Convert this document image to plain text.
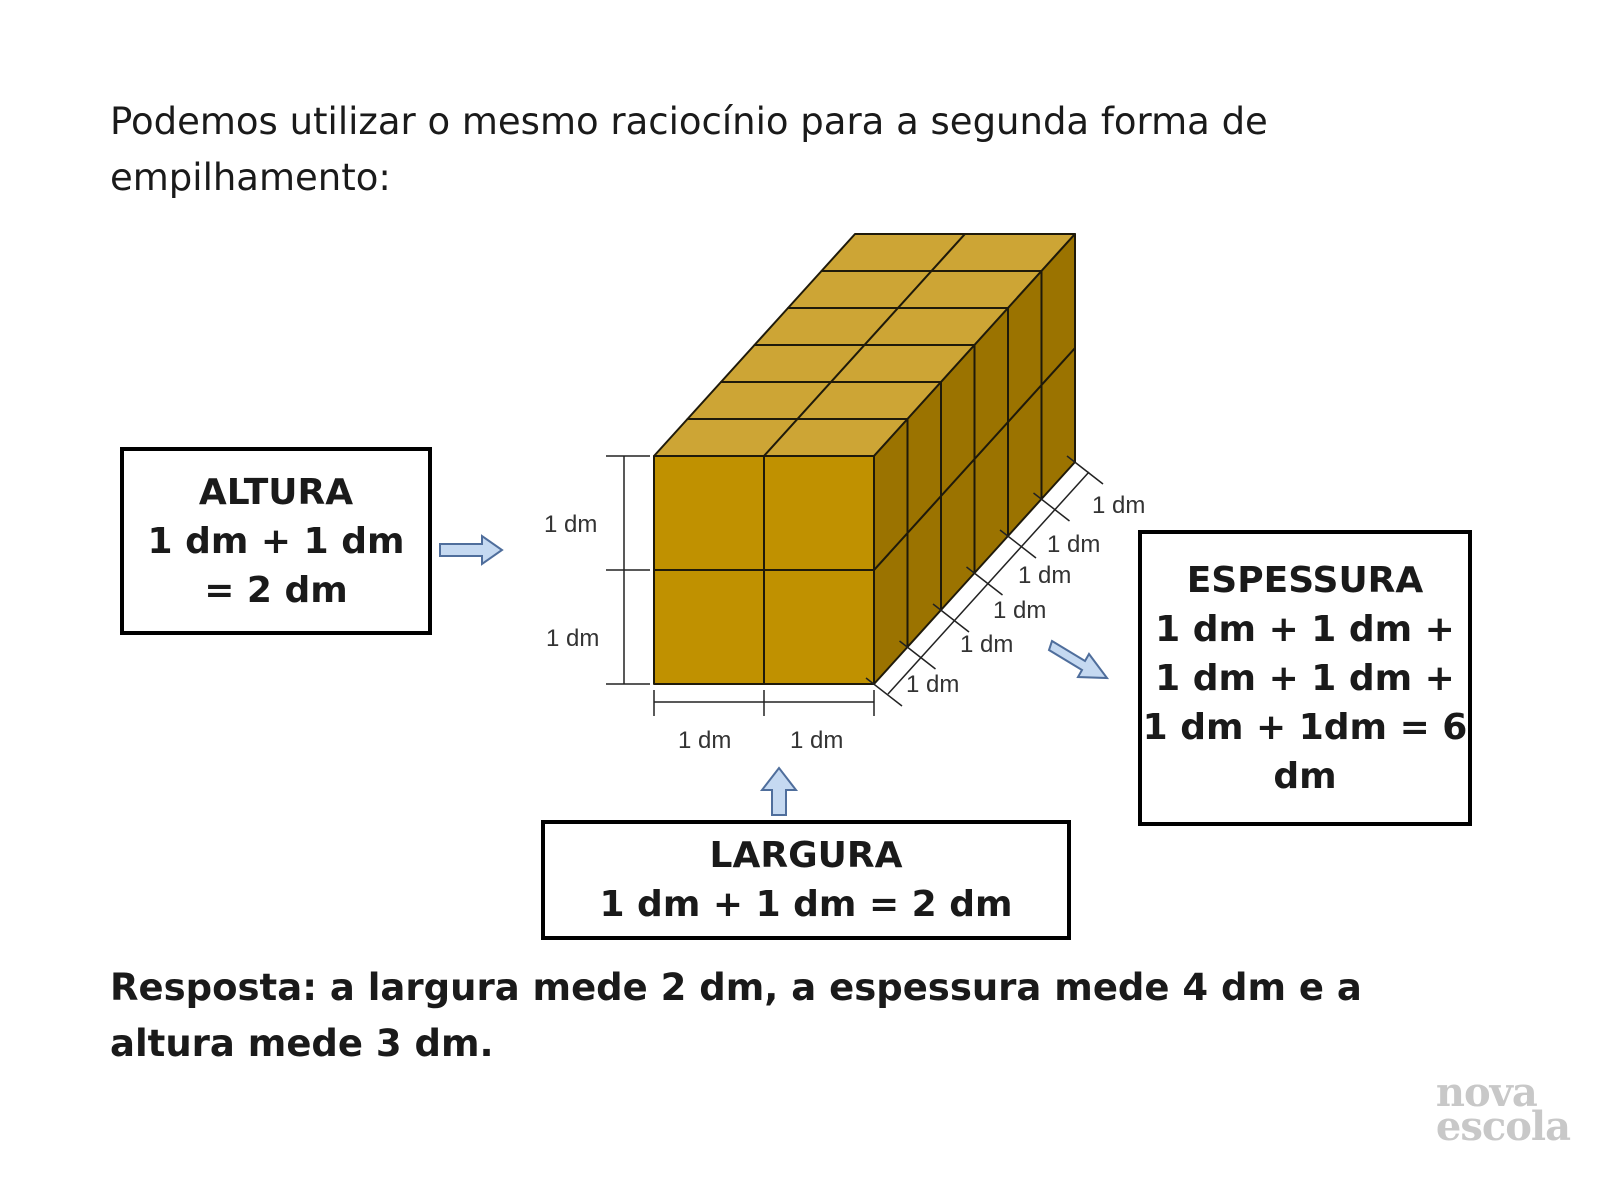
Podemos utilizar o mesmo raciocínio para a segunda forma de empilhamento:

1 dm
1 dm
1 dm 1 dm
1 dm
1 dm
1 dm
1 dm
1 dm
1 dm
ALTURA
1 dm + 1 dm
= 2 dm
LARGURA
1 dm + 1 dm = 2 dm
ESPESSURA
1 dm + 1 dm +
1 dm + 1 dm +
1 dm + 1dm = 6
dm

Resposta: a largura mede 2 dm, a espessura mede 4 dm e a altura mede 3 dm.

nova
escola
